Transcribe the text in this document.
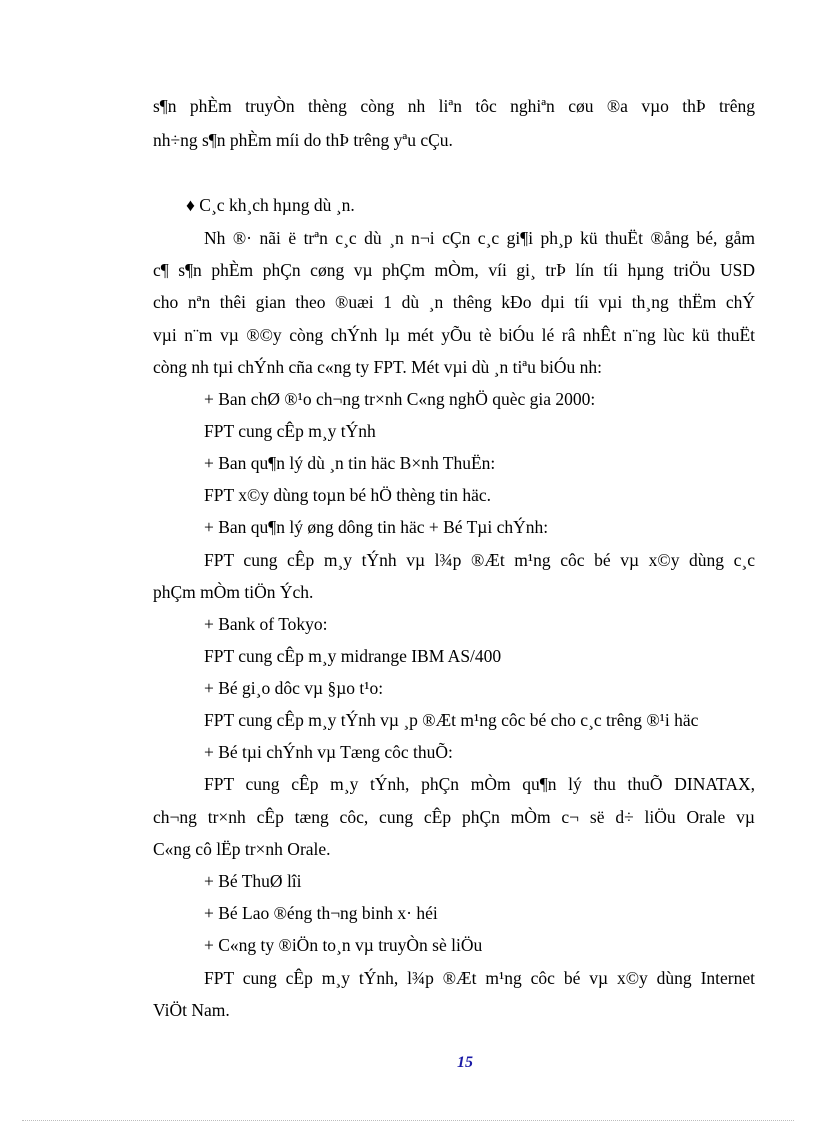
s¶n phÈm truyÒn thèng còng nh liªn tôc nghiªn cøu ®a vµo thÞ trêng
nh÷ng s¶n phÈm míi do thÞ trêng yªu cÇu.
♦ C¸c kh¸ch hµng dù ¸n.
Nh ®· nãi ë trªn c¸c dù ¸n n¬i cÇn c¸c gi¶i ph¸p kü thuËt ®ång bé, gåm
c¶ s¶n phÈm phÇn cøng vµ phÇm mÒm, víi gi¸ trÞ lín tíi hµng triÖu USD
cho nªn thêi gian theo ®uæi 1 dù ¸n thêng kÐo dµi tíi vµi th¸ng thËm chÝ
vµi n¨m vµ ®©y còng chÝnh lµ mét yÕu tè biÓu lé râ nhÊt n¨ng lùc kü thuËt
còng nh tµi chÝnh cña c«ng ty FPT. Mét vµi dù ¸n tiªu biÓu nh:
+ Ban chØ ®¹o ch¬ng tr×nh C«ng nghÖ quèc gia 2000:
FPT cung cÊp m¸y tÝnh
+ Ban qu¶n lý dù ¸n tin häc B×nh ThuËn:
FPT x©y dùng toµn bé hÖ thèng tin häc.
+ Ban qu¶n lý øng dông tin häc + Bé Tµi chÝnh:
FPT cung cÊp m¸y tÝnh vµ l¾p ®Æt m¹ng côc bé vµ x©y dùng c¸c
phÇm mÒm tiÖn Ých.
+ Bank of Tokyo:
FPT cung cÊp m¸y midrange IBM AS/400
+ Bé gi¸o dôc vµ §µo t¹o:
FPT cung cÊp m¸y tÝnh vµ ¸p ®Æt m¹ng côc bé cho c¸c trêng ®¹i häc
+ Bé tµi chÝnh vµ Tæng côc thuÕ:
FPT cung cÊp m¸y tÝnh, phÇn mÒm qu¶n lý thu thuÕ DINATAX,
ch¬ng tr×nh cÊp tæng côc, cung cÊp phÇn mÒm c¬ së d÷ liÖu Orale vµ
C«ng cô lËp tr×nh Orale.
+ Bé ThuØ lîi
+ Bé Lao ®éng th¬ng binh x· héi
+ C«ng ty ®iÖn to¸n vµ truyÒn sè liÖu
FPT cung cÊp m¸y tÝnh, l¾p ®Æt m¹ng côc bé vµ x©y dùng Internet
ViÖt Nam.
15
